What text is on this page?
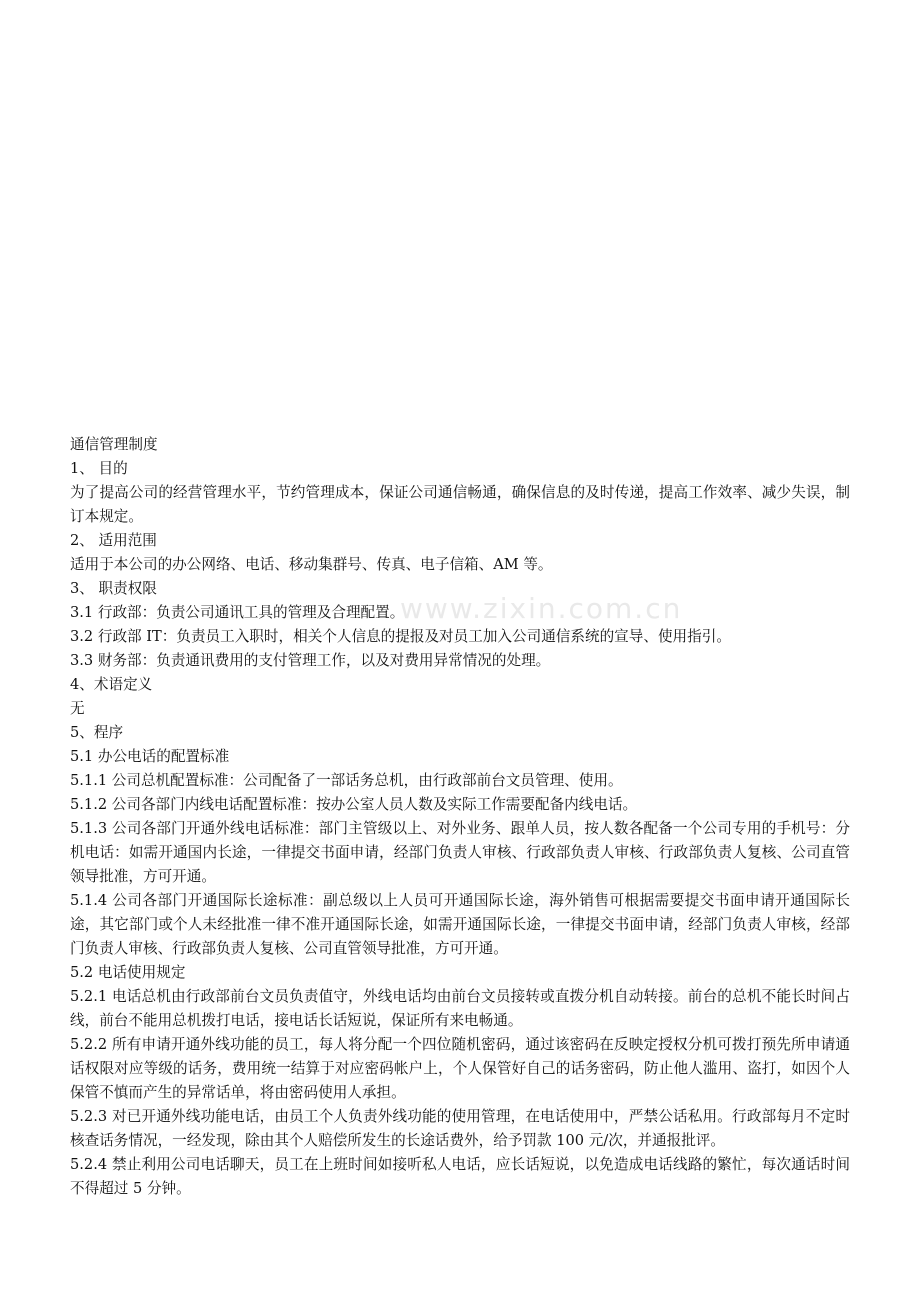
www.zixin.com.cn

通信管理制度

1、 目的

为了提高公司的经营管理水平，节约管理成本，保证公司通信畅通，确保信息的及时传递，提高工作效率、减少失误，制订本规定。

2、 适用范围

适用于本公司的办公网络、电话、移动集群号、传真、电子信箱、AM 等。

3、 职责权限

3.1 行政部：负责公司通讯工具的管理及合理配置。

3.2 行政部 IT：负责员工入职时，相关个人信息的提报及对员工加入公司通信系统的宣导、使用指引。

3.3 财务部：负责通讯费用的支付管理工作，以及对费用异常情况的处理。

4、术语定义

无

5、程序

5.1 办公电话的配置标准

5.1.1 公司总机配置标准：公司配备了一部话务总机，由行政部前台文员管理、使用。

5.1.2 公司各部门内线电话配置标准：按办公室人员人数及实际工作需要配备内线电话。

5.1.3 公司各部门开通外线电话标准：部门主管级以上、对外业务、跟单人员，按人数各配备一个公司专用的手机号：分机电话：如需开通国内长途，一律提交书面申请，经部门负责人审核、行政部负责人审核、行政部负责人复核、公司直管领导批准，方可开通。

5.1.4 公司各部门开通国际长途标准：副总级以上人员可开通国际长途，海外销售可根据需要提交书面申请开通国际长途，其它部门或个人未经批准一律不准开通国际长途，如需开通国际长途，一律提交书面申请，经部门负责人审核，经部门负责人审核、行政部负责人复核、公司直管领导批准，方可开通。

5.2 电话使用规定

5.2.1 电话总机由行政部前台文员负责值守，外线电话均由前台文员接转或直拨分机自动转接。前台的总机不能长时间占线，前台不能用总机拨打电话，接电话长话短说，保证所有来电畅通。

5.2.2 所有申请开通外线功能的员工，每人将分配一个四位随机密码，通过该密码在反映定授权分机可拨打预先所申请通话权限对应等级的话务，费用统一结算于对应密码帐户上，个人保管好自己的话务密码，防止他人滥用、盗打，如因个人保管不慎而产生的异常话单，将由密码使用人承担。

5.2.3 对已开通外线功能电话，由员工个人负责外线功能的使用管理，在电话使用中，严禁公话私用。行政部每月不定时核查话务情况，一经发现，除由其个人赔偿所发生的长途话费外，给予罚款 100 元/次，并通报批评。

5.2.4 禁止利用公司电话聊天，员工在上班时间如接听私人电话，应长话短说，以免造成电话线路的繁忙，每次通话时间不得超过 5 分钟。
